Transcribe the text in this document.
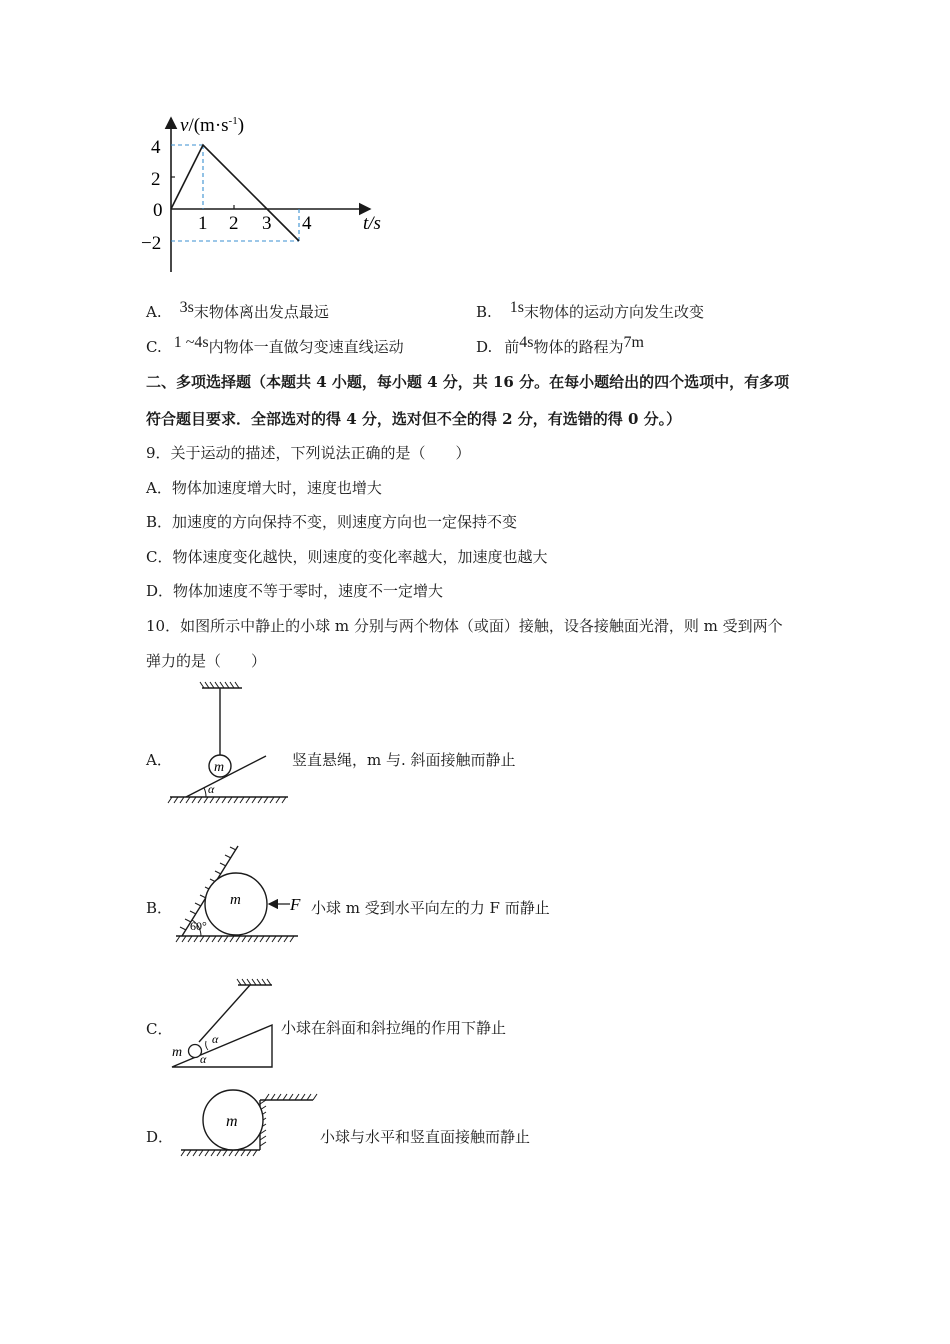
$v/(m\cdot s^{-1})$
t/s
4
2
0
−2
1 2 3 4
A. 3s末物体离出发点最远	B. 1s末物体的运动方向发生改变
C. 1 ~4s内物体一直做匀变速直线运动	D. 前4s物体的路程为7m
二、多项选择题（本题共 4 小题，每小题 4 分，共 16 分。在每小题给出的四个选项中，有多项
符合题目要求．全部选对的得 4 分，选对但不全的得 2 分，有选错的得 0 分。）
9．关于运动的描述，下列说法正确的是（　　）
A．物体加速度增大时，速度也增大
B．加速度的方向保持不变，则速度方向也一定保持不变
C．物体速度变化越快，则速度的变化率越大，加速度也越大
D．物体加速度不等于零时，速度不一定增大
10．如图所示中静止的小球 m 分别与两个物体（或面）接触，设各接触面光滑，则 m 受到两个
弹力的是（　　）
A．	m
α
竖直悬绳，m 与. 斜面接触而静止
B．	m	F
60°
小球 m 受到水平向左的力 F 而静止
C．
m
α
α
小球在斜面和斜拉绳的作用下静止
D．
m
小球与水平和竖直面接触而静止
